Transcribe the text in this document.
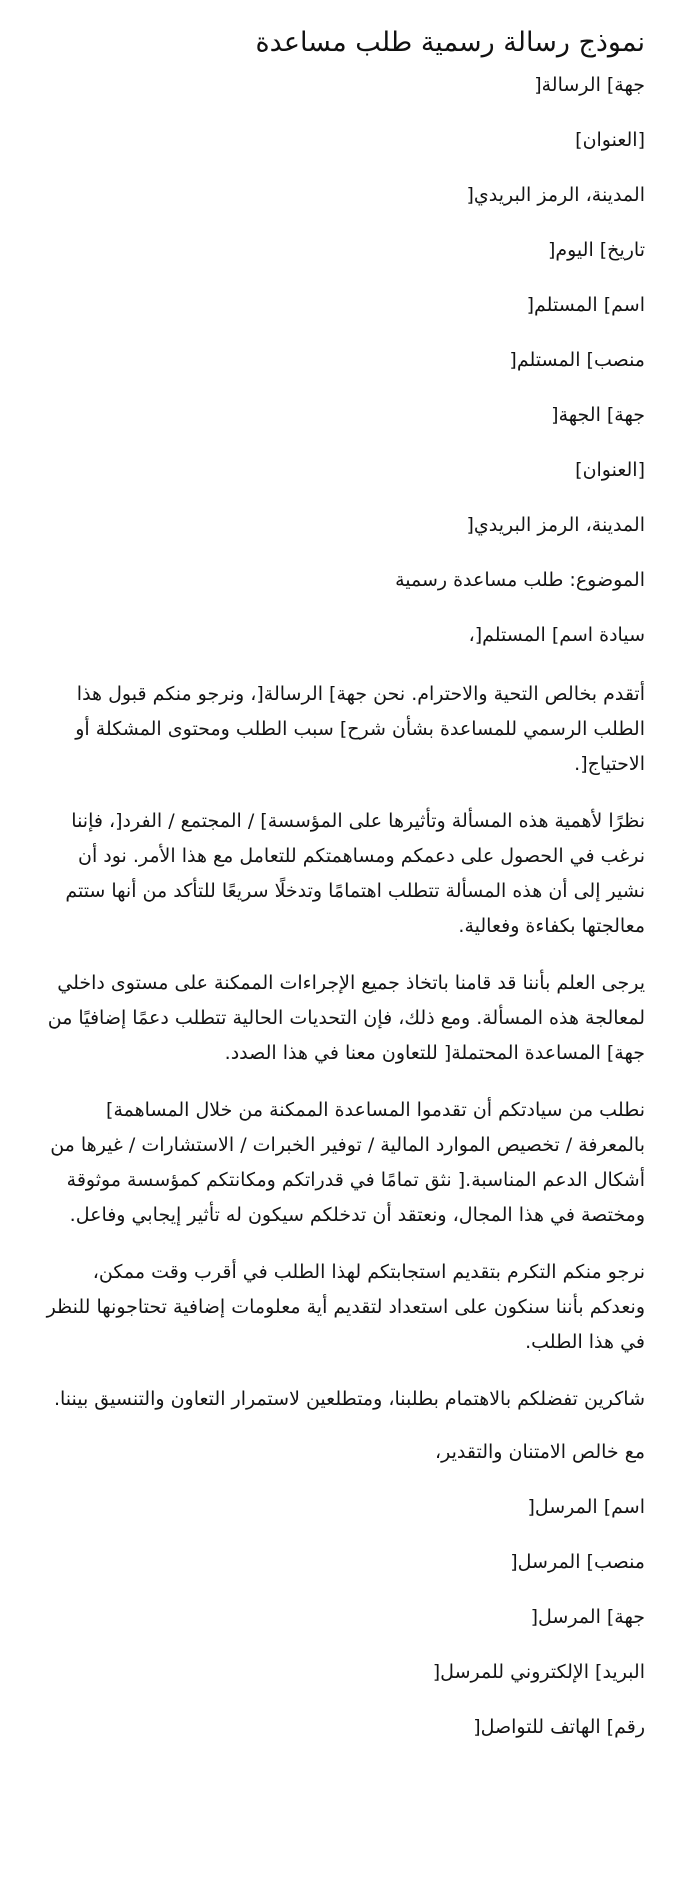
نموذج رسالة رسمية طلب مساعدة
جهة] الرسالة[
[العنوان]
المدينة، الرمز البريدي[
تاريخ] اليوم[
اسم] المستلم[
منصب] المستلم[
جهة] الجهة[
[العنوان]
المدينة، الرمز البريدي[
الموضوع: طلب مساعدة رسمية
سيادة اسم] المستلم[،

أتقدم بخالص التحية والاحترام. نحن جهة] الرسالة[، ونرجو منكم قبول هذا الطلب الرسمي للمساعدة بشأن شرح] سبب الطلب ومحتوى المشكلة أو الاحتياج[.

نظرًا لأهمية هذه المسألة وتأثيرها على المؤسسة] / المجتمع / الفرد[، فإننا نرغب في الحصول على دعمكم ومساهمتكم للتعامل مع هذا الأمر. نود أن نشير إلى أن هذه المسألة تتطلب اهتمامًا وتدخلًا سريعًا للتأكد من أنها ستتم معالجتها بكفاءة وفعالية.

يرجى العلم بأننا قد قامنا باتخاذ جميع الإجراءات الممكنة على مستوى داخلي لمعالجة هذه المسألة. ومع ذلك، فإن التحديات الحالية تتطلب دعمًا إضافيًا من جهة] المساعدة المحتملة[ للتعاون معنا في هذا الصدد.

نطلب من سيادتكم أن تقدموا المساعدة الممكنة من خلال المساهمة] بالمعرفة / تخصيص الموارد المالية / توفير الخبرات / الاستشارات / غيرها من أشكال الدعم المناسبة.[ نثق تمامًا في قدراتكم ومكانتكم كمؤسسة موثوقة ومختصة في هذا المجال، ونعتقد أن تدخلكم سيكون له تأثير إيجابي وفاعل.

نرجو منكم التكرم بتقديم استجابتكم لهذا الطلب في أقرب وقت ممكن، ونعدكم بأننا سنكون على استعداد لتقديم أية معلومات إضافية تحتاجونها للنظر في هذا الطلب.

شاكرين تفضلكم بالاهتمام بطلبنا، ومتطلعين لاستمرار التعاون والتنسيق بيننا.

مع خالص الامتنان والتقدير،
اسم] المرسل[
منصب] المرسل[
جهة] المرسل[
البريد] الإلكتروني للمرسل[
رقم] الهاتف للتواصل[
